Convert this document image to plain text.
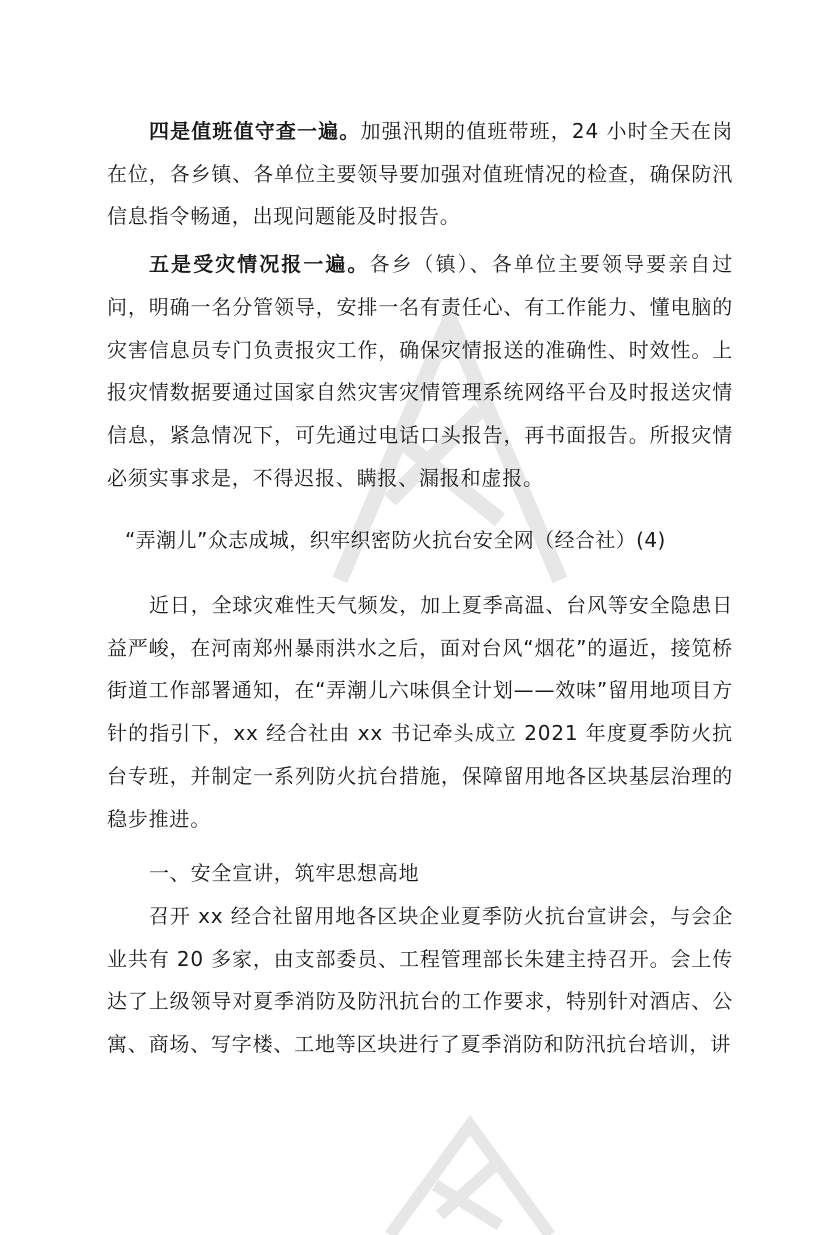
四是值班值守查一遍。加强汛期的值班带班，24 小时全天在岗在位，各乡镇、各单位主要领导要加强对值班情况的检查，确保防汛信息指令畅通，出现问题能及时报告。

五是受灾情况报一遍。各乡（镇）、各单位主要领导要亲自过问，明确一名分管领导，安排一名有责任心、有工作能力、懂电脑的灾害信息员专门负责报灾工作，确保灾情报送的准确性、时效性。上报灾情数据要通过国家自然灾害灾情管理系统网络平台及时报送灾情信息，紧急情况下，可先通过电话口头报告，再书面报告。所报灾情必须实事求是，不得迟报、瞒报、漏报和虚报。

“弄潮儿”众志成城，织牢织密防火抗台安全网（经合社）(4)

近日，全球灾难性天气频发，加上夏季高温、台风等安全隐患日益严峻，在河南郑州暴雨洪水之后，面对台风“烟花”的逼近，接笕桥街道工作部署通知，在“弄潮儿六味俱全计划——效味”留用地项目方针的指引下，xx 经合社由 xx 书记牵头成立 2021 年度夏季防火抗台专班，并制定一系列防火抗台措施，保障留用地各区块基层治理的稳步推进。

一、安全宣讲，筑牢思想高地

召开 xx 经合社留用地各区块企业夏季防火抗台宣讲会，与会企业共有 20 多家，由支部委员、工程管理部长朱建主持召开。会上传达了上级领导对夏季消防及防汛抗台的工作要求，特别针对酒店、公寓、商场、写字楼、工地等区块进行了夏季消防和防汛抗台培训，讲
